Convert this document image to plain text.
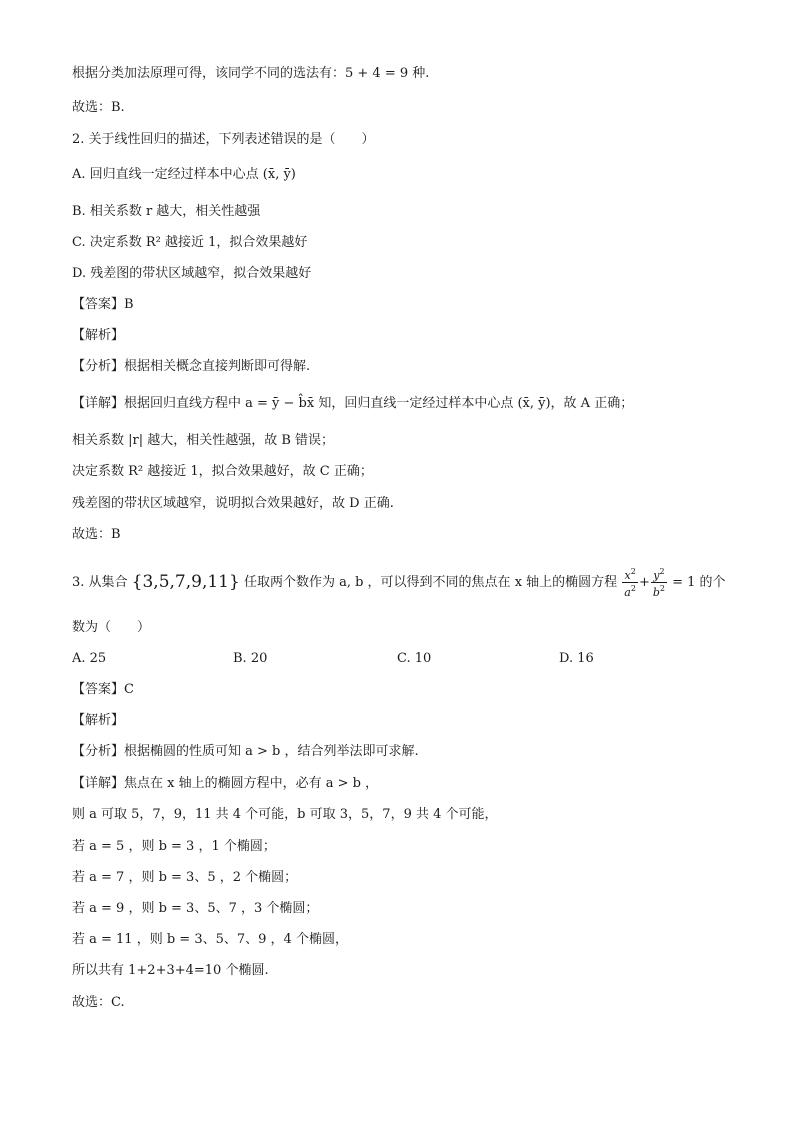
根据分类加法原理可得，该同学不同的选法有：5 + 4 = 9 种.
故选：B.
2. 关于线性回归的描述，下列表述错误的是（　　）
A. 回归直线一定经过样本中心点 (x̄, ȳ)
B. 相关系数 r 越大，相关性越强
C. 决定系数 R² 越接近 1，拟合效果越好
D. 残差图的带状区域越窄，拟合效果越好
【答案】B
【解析】
【分析】根据相关概念直接判断即可得解.
【详解】根据回归直线方程中 a = ȳ − b̂x̄ 知，回归直线一定经过样本中心点 (x̄, ȳ)，故 A 正确；
相关系数 |r| 越大，相关性越强，故 B 错误；
决定系数 R² 越接近 1，拟合效果越好，故 C 正确；
残差图的带状区域越窄，说明拟合效果越好，故 D 正确.
故选：B
3. 从集合 {3,5,7,9,11} 任取两个数作为 a, b ，可以得到不同的焦点在 x 轴上的椭圆方程 $\frac{x^2}{a^2} + \frac{y^2}{b^2} = 1$ 的个
数为（　　）
A. 25	B. 20	C. 10	D. 16
【答案】C
【解析】
【分析】根据椭圆的性质可知 a > b ，结合列举法即可求解.
【详解】焦点在 x 轴上的椭圆方程中，必有 a > b ，
则 a 可取 5，7，9，11 共 4 个可能，b 可取 3，5，7，9 共 4 个可能，
若 a = 5 ，则 b = 3 ，1 个椭圆；
若 a = 7 ，则 b = 3、5 ，2 个椭圆；
若 a = 9 ，则 b = 3、5、7 ，3 个椭圆；
若 a = 11 ，则 b = 3、5、7、9 ，4 个椭圆，
所以共有 1+2+3+4=10 个椭圆.
故选：C.
